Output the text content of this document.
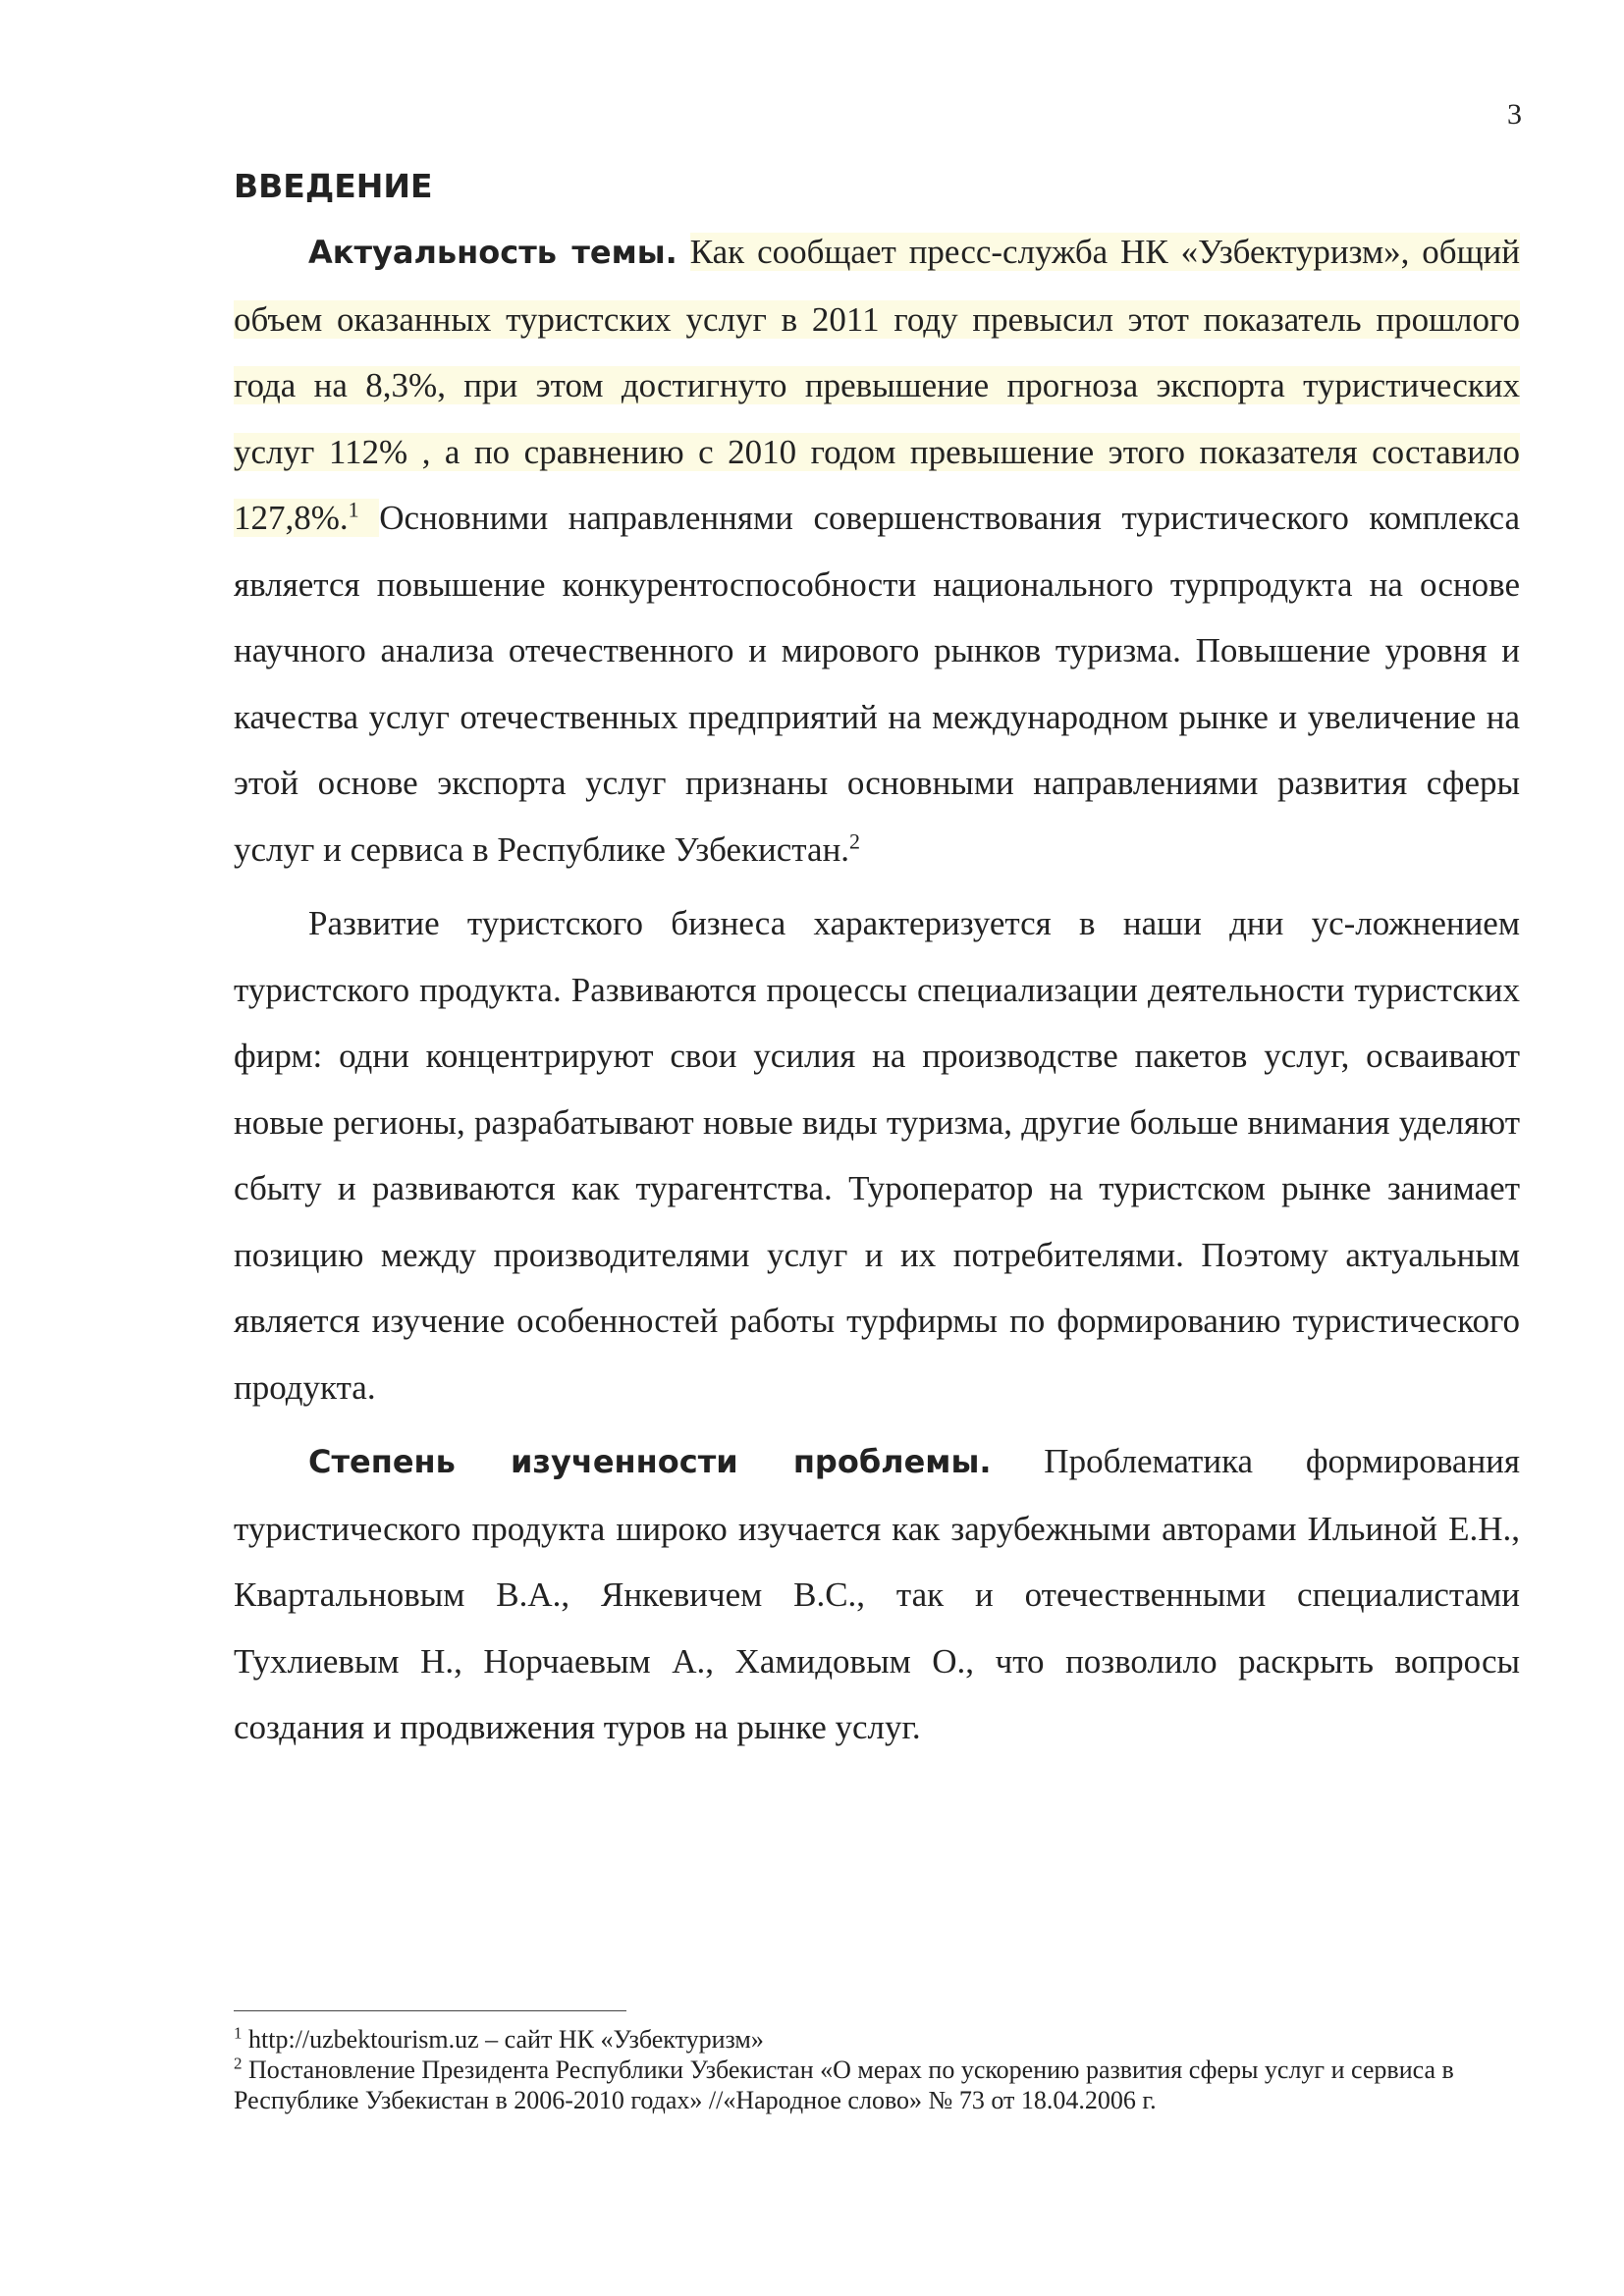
3
ВВЕДЕНИЕ

Актуальность темы. Как сообщает пресс-служба НК «Узбектуризм», общий объем оказанных туристских услуг в 2011 году превысил этот показатель прошлого года на 8,3%, при этом достигнуто превышение прогноза экспорта туристических услуг 112% , а по сравнению с 2010 годом превышение этого показателя составило 127,8%.$^1$ Основними направленнями совершенствования туристического комплекса является повышение конкурентоспособности национального турпродукта на основе научного анализа отечественного и мирового рынков туризма. Повышение уровня и качества услуг отечественных предприятий на международном рынке и увеличение на этой основе экспорта услуг признаны основными направлениями развития сферы услуг и сервиса в Республике Узбекистан.$^2$

Развитие туристского бизнеса характеризуется в наши дни ус-ложнением туристского продукта. Развиваются процессы специализации деятельности туристских фирм: одни концентрируют свои усилия на производстве пакетов услуг, осваивают новые регионы, разрабатывают новые виды туризма, другие больше внимания уделяют сбыту и развиваются как турагентства. Туроператор на туристском рынке занимает позицию между производителями услуг и их потребителями. Поэтому актуальным является изучение особенностей работы турфирмы по формированию туристического продукта.

Степень изученности проблемы. Проблематика формирования туристического продукта широко изучается как зарубежными авторами Ильиной Е.Н., Квартальновым В.А., Янкевичем В.С., так и отечественными специалистами Тухлиевым Н., Норчаевым А., Хамидовым О., что позволило раскрыть вопросы создания и продвижения туров на рынке услуг.

$^1$ http://uzbektourism.uz – сайт НК «Узбектуризм»

$^2$ Постановление Президента Республики Узбекистан «О мерах по ускорению развития сферы услуг и сервиса в Республике Узбекистан в 2006-2010 годах» //«Народное слово» № 73 от 18.04.2006 г.
